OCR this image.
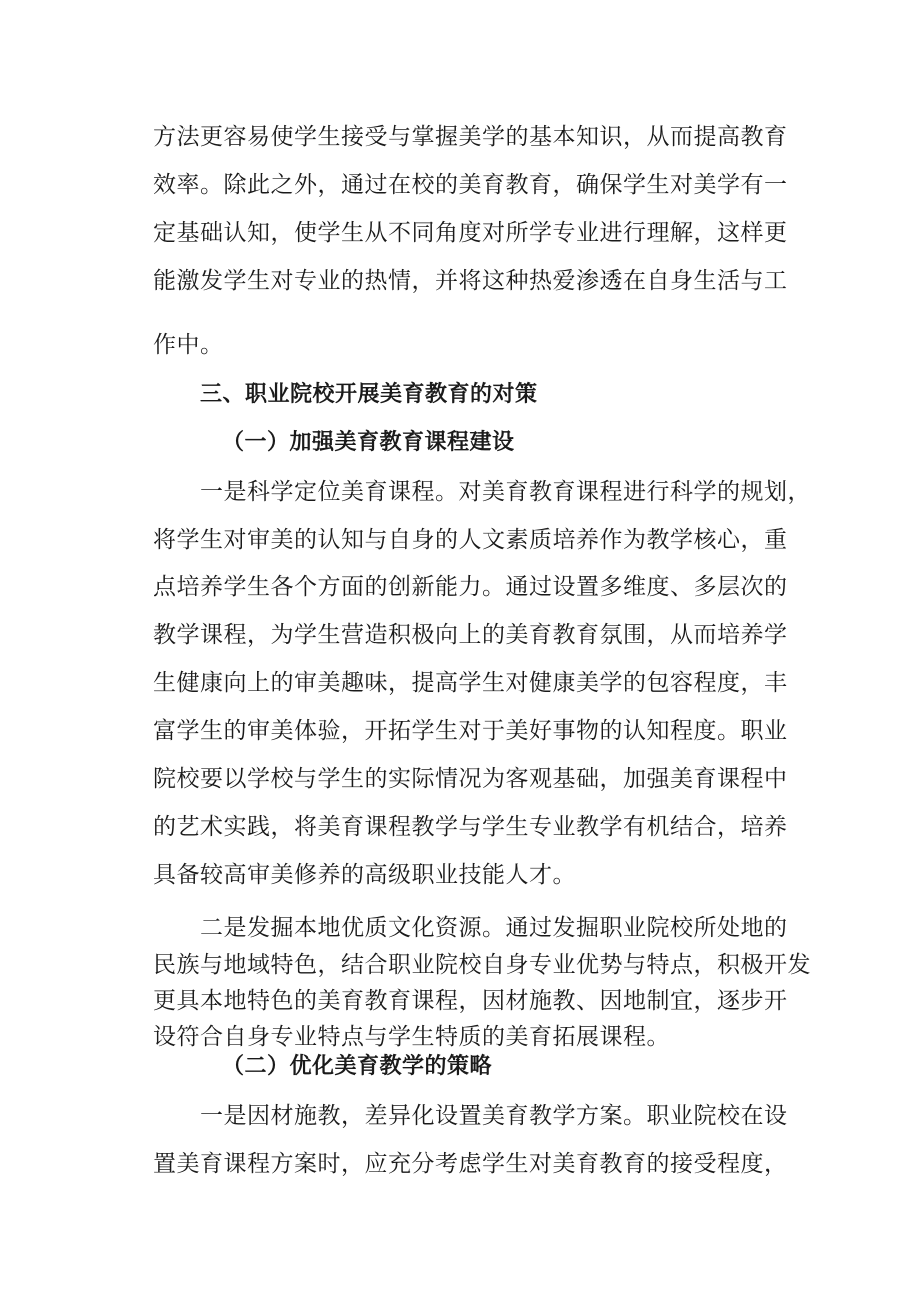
方法更容易使学生接受与掌握美学的基本知识，从而提高教育
效率。除此之外，通过在校的美育教育，确保学生对美学有一
定基础认知，使学生从不同角度对所学专业进行理解，这样更
能激发学生对专业的热情，并将这种热爱渗透在自身生活与工
作中。
三、职业院校开展美育教育的对策
（一）加强美育教育课程建设
一是科学定位美育课程。对美育教育课程进行科学的规划，
将学生对审美的认知与自身的人文素质培养作为教学核心，重
点培养学生各个方面的创新能力。通过设置多维度、多层次的
教学课程，为学生营造积极向上的美育教育氛围，从而培养学
生健康向上的审美趣味，提高学生对健康美学的包容程度，丰
富学生的审美体验，开拓学生对于美好事物的认知程度。职业
院校要以学校与学生的实际情况为客观基础，加强美育课程中
的艺术实践，将美育课程教学与学生专业教学有机结合，培养
具备较高审美修养的高级职业技能人才。
二是发掘本地优质文化资源。通过发掘职业院校所处地的
民族与地域特色，结合职业院校自身专业优势与特点，积极开发
更具本地特色的美育教育课程，因材施教、因地制宜，逐步开
设符合自身专业特点与学生特质的美育拓展课程。
（二）优化美育教学的策略
一是因材施教，差异化设置美育教学方案。职业院校在设
置美育课程方案时，应充分考虑学生对美育教育的接受程度，
